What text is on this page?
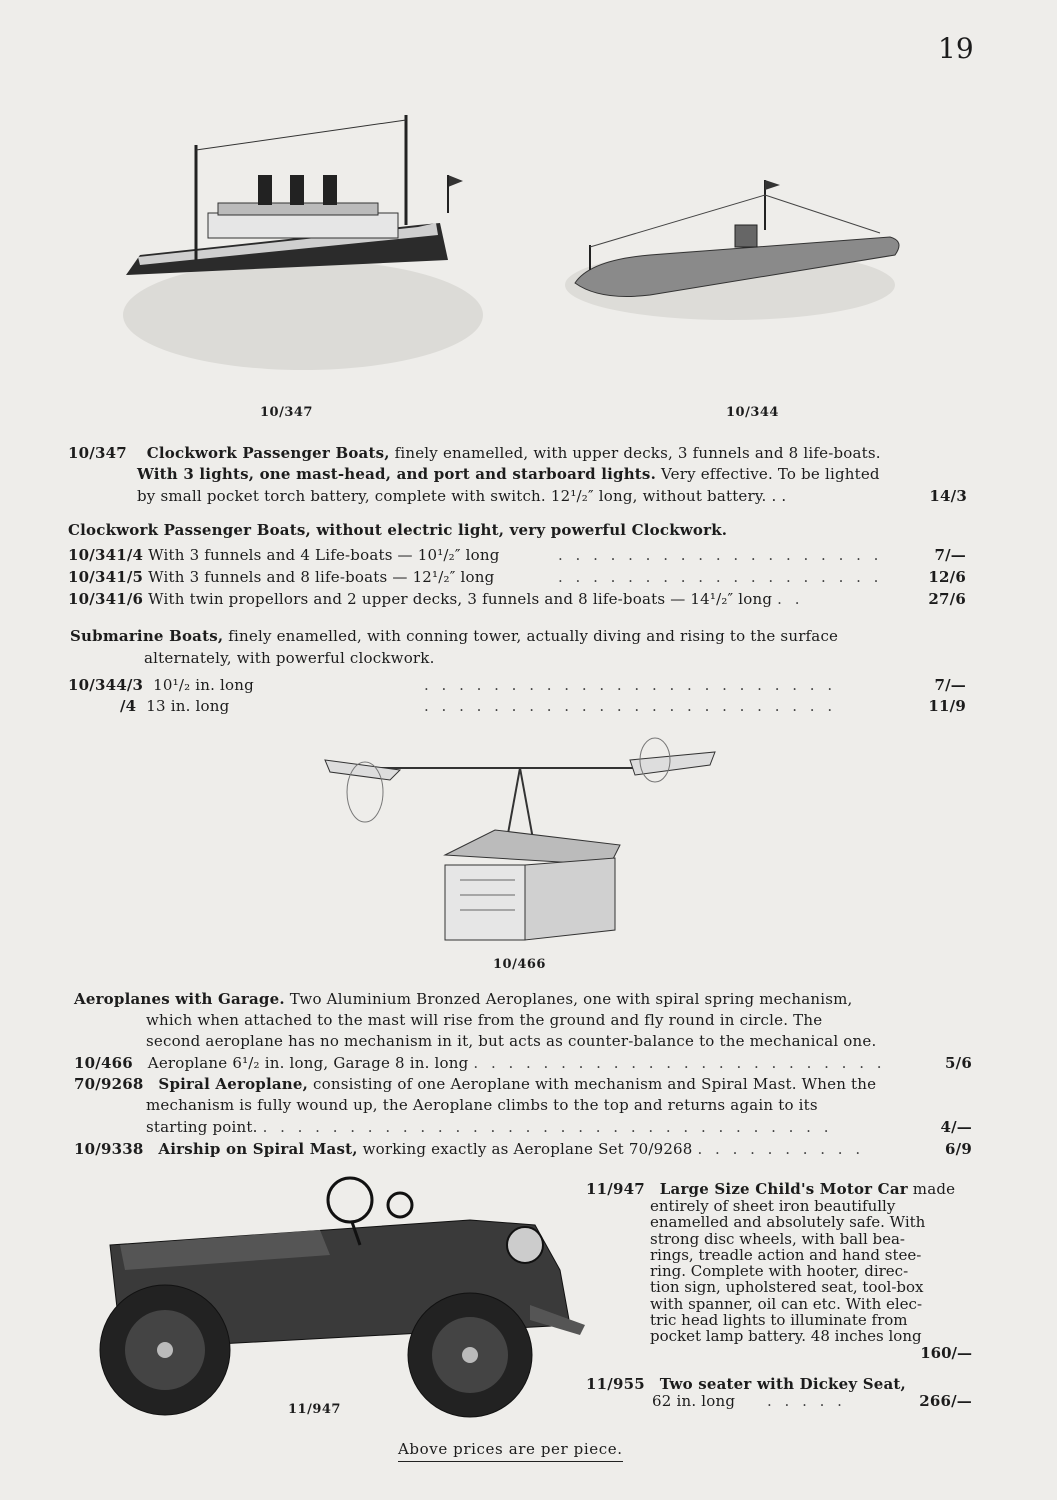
19
10/347	10/344
10/347 Clockwork Passenger Boats, finely enamelled, with upper decks, 3 funnels and 8 life-boats.
With 3 lights, one mast-head, and port and starboard lights. Very effective. To be lighted
by small pocket torch battery, complete with switch. 12¹/₂″ long, without battery. . .	14/3
Clockwork Passenger Boats, without electric light, very powerful Clockwork.
10/341/4 With 3 funnels and 4 Life-boats — 10¹/₂″ long	. . . . . . . . . . . . . . . . . . .	7/—
10/341/5 With 3 funnels and 8 life-boats — 12¹/₂″ long	. . . . . . . . . . . . . . . . . . .	12/6
10/341/6 With twin propellors and 2 upper decks, 3 funnels and 8 life-boats — 14¹/₂″ long . .	27/6
Submarine Boats, finely enamelled, with conning tower, actually diving and rising to the surface
alternately, with powerful clockwork.
10/344/3 10¹/₂ in. long	. . . . . . . . . . . . . . . . . . . . . . . .	7/—
/4 13 in. long	. . . . . . . . . . . . . . . . . . . . . . . .	11/9
10/466
Aeroplanes with Garage. Two Aluminium Bronzed Aeroplanes, one with spiral spring mechanism,
which when attached to the mast will rise from the ground and fly round in circle. The
second aeroplane has no mechanism in it, but acts as counter-balance to the mechanical one.
10/466 Aeroplane 6¹/₂ in. long, Garage 8 in. long . . . . . . . . . . . . . . . . . . . . . . . .	5/6
70/9268 Spiral Aeroplane, consisting of one Aeroplane with mechanism and Spiral Mast. When the
mechanism is fully wound up, the Aeroplane climbs to the top and returns again to its
starting point. . . . . . . . . . . . . . . . . . . . . . . . . . . . . . . . . .	4/—
10/9338 Airship on Spiral Mast, working exactly as Aeroplane Set 70/9268 . . . . . . . . . .	6/9
11/947
11/947 Large Size Child's Motor Car made
entirely of sheet iron beautifully
enamelled and absolutely safe. With
strong disc wheels, with ball bea-
rings, treadle action and hand stee-
ring. Complete with hooter, direc-
tion sign, upholstered seat, tool-box
with spanner, oil can etc. With elec-
tric head lights to illuminate from
pocket lamp battery. 48 inches long
160/—
11/955 Two seater with Dickey Seat,
62 in. long . . . . .	266/—
Above prices are per piece.
